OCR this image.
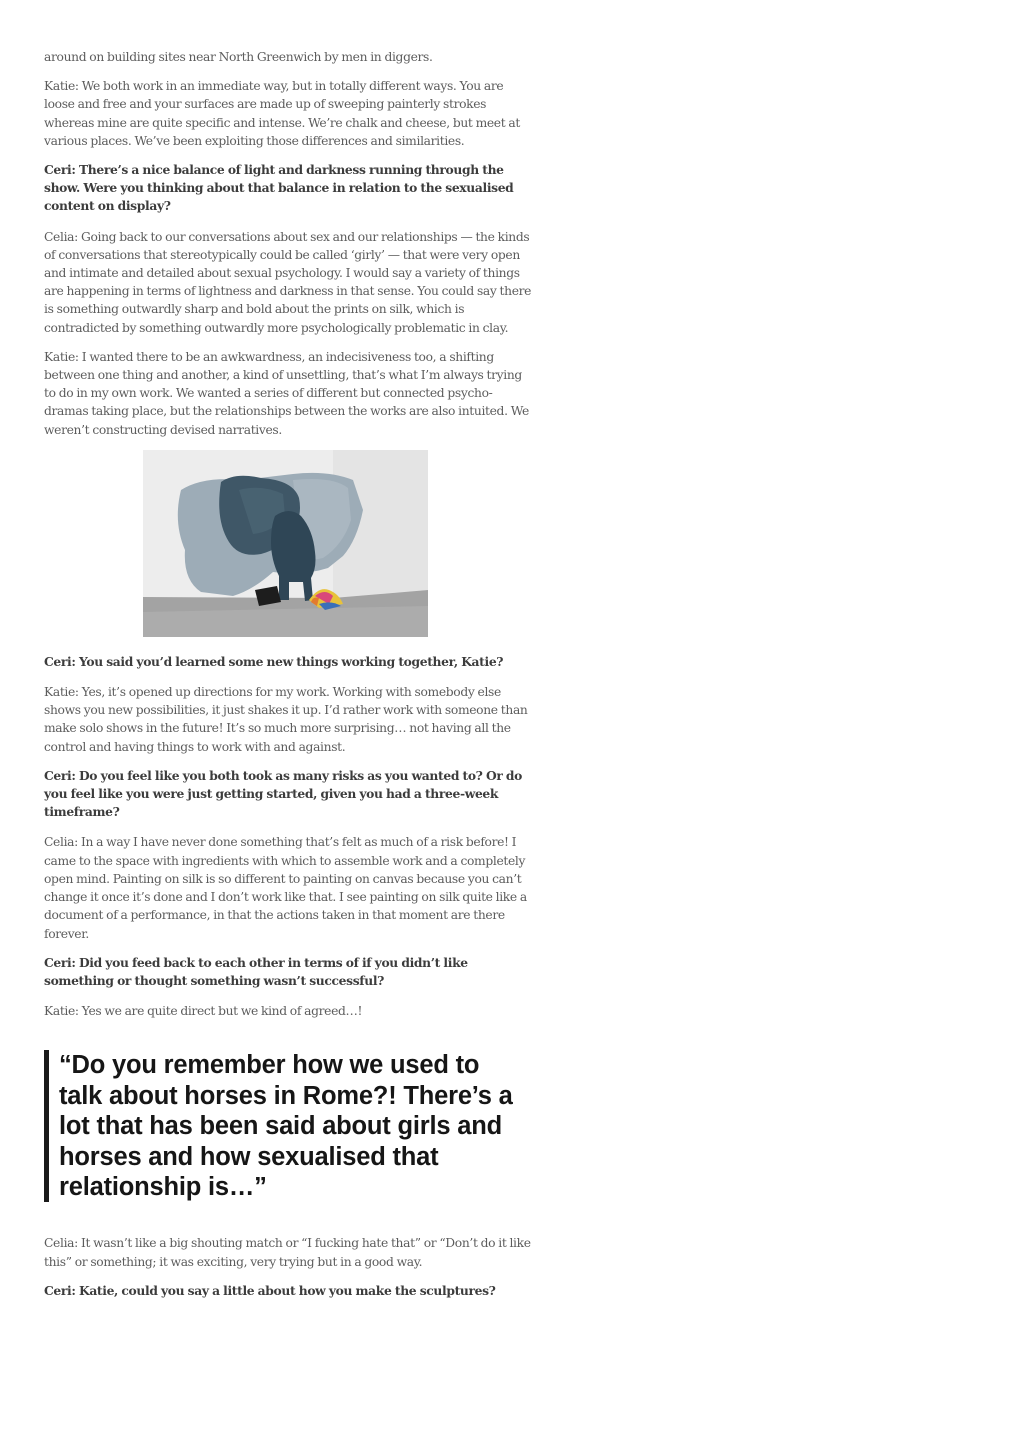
around on building sites near North Greenwich by men in diggers.

Katie: We both work in an immediate way, but in totally different ways. You are loose and free and your surfaces are made up of sweeping painterly strokes whereas mine are quite specific and intense. We’re chalk and cheese, but meet at various places. We’ve been exploiting those differences and similarities.

Ceri: There’s a nice balance of light and darkness running through the show. Were you thinking about that balance in relation to the sexualised content on display?

Celia: Going back to our conversations about sex and our relationships — the kinds of conversations that stereotypically could be called ‘girly’ — that were very open and intimate and detailed about sexual psychology. I would say a variety of things are happening in terms of lightness and darkness in that sense. You could say there is something outwardly sharp and bold about the prints on silk, which is contradicted by something outwardly more psychologically problematic in clay.

Katie: I wanted there to be an awkwardness, an indecisiveness too, a shifting between one thing and another, a kind of unsettling, that’s what I’m always trying to do in my own work. We wanted a series of different but connected psycho-dramas taking place, but the relationships between the works are also intuited. We weren’t constructing devised narratives.

Ceri: You said you’d learned some new things working together, Katie?

Katie: Yes, it’s opened up directions for my work. Working with somebody else shows you new possibilities, it just shakes it up. I’d rather work with someone than make solo shows in the future! It’s so much more surprising… not having all the control and having things to work with and against.

Ceri: Do you feel like you both took as many risks as you wanted to? Or do you feel like you were just getting started, given you had a three-week timeframe?

Celia: In a way I have never done something that’s felt as much of a risk before! I came to the space with ingredients with which to assemble work and a completely open mind. Painting on silk is so different to painting on canvas because you can’t change it once it’s done and I don’t work like that. I see painting on silk quite like a document of a performance, in that the actions taken in that moment are there forever.

Ceri: Did you feed back to each other in terms of if you didn’t like something or thought something wasn’t successful?

Katie: Yes we are quite direct but we kind of agreed…!

“Do you remember how we used to talk about horses in Rome?! There’s a lot that has been said about girls and horses and how sexualised that relationship is…”

Celia: It wasn’t like a big shouting match or “I fucking hate that” or “Don’t do it like this” or something; it was exciting, very trying but in a good way.

Ceri: Katie, could you say a little about how you make the sculptures?
